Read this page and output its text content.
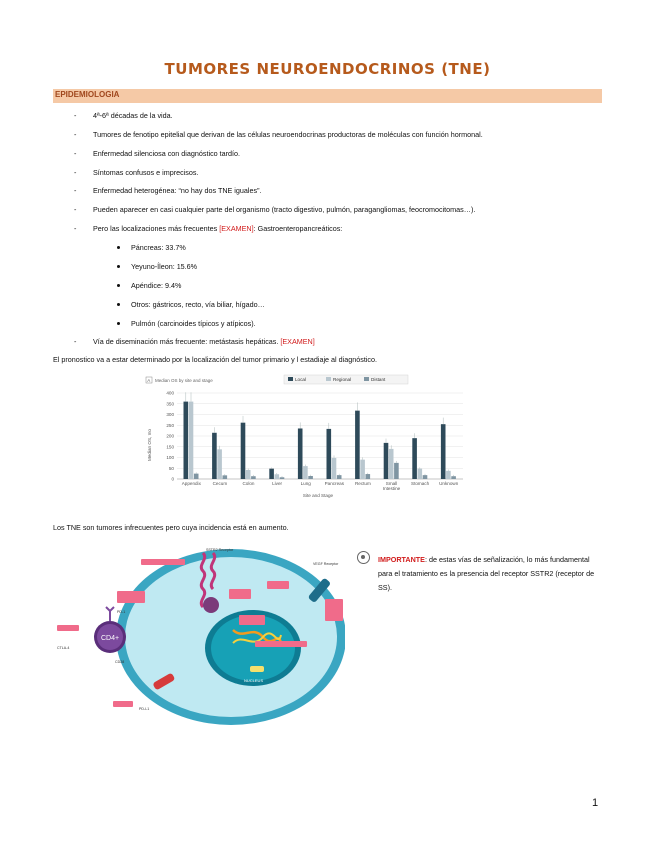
TUMORES NEUROENDOCRINOS (TNE)
EPIDEMIOLOGIA
- 4ª-6ª décadas de la vida.
- Tumores de fenotipo epitelial que derivan de las células neuroendocrinas productoras de moléculas con función hormonal.
- Enfermedad silenciosa con diagnóstico tardío.
- Síntomas confusos e imprecisos.
- Enfermedad heterogénea: “no hay dos TNE iguales”.
- Pueden aparecer en casi cualquier parte del organismo (tracto digestivo, pulmón, paragangliomas, feocromocitomas…).
- Pero las localizaciones más frecuentes [EXAMEN]: Gastroenteropancreáticos:
Páncreas: 33.7%
Yeyuno-Íleon: 15.6%
Apéndice: 9.4%
Otros: gástricos, recto, vía biliar, hígado…
Pulmón (carcinoides típicos y atípicos).
- Vía de diseminación más frecuente: metástasis hepáticas. [EXAMEN]
El pronostico va a estar determinado por la localización del tumor primario y l estadiaje al diagnóstico.
A Median OS by site and stage	Local	Regional	Distant
0
50
100
150
200
250
300
350
400
Appendix	Cecum	Colon	Liver	Lung	Pancreas Rectum	Small
Intestine
Stomach Unknown
Median OS, mo
Site and Stage
Los TNE son tumores infrecuentes pero cuya incidencia está en aumento.
NUCLEUS
SSTR2 Receptor
VEGF Receptor
PD-L1
CD4+
PD-1
CTLA-4
CD28
IMPORTANTE: de estas vías de señalización, lo más fundamental para el tratamiento es la presencia del receptor SSTR2 (receptor de SS).
1
